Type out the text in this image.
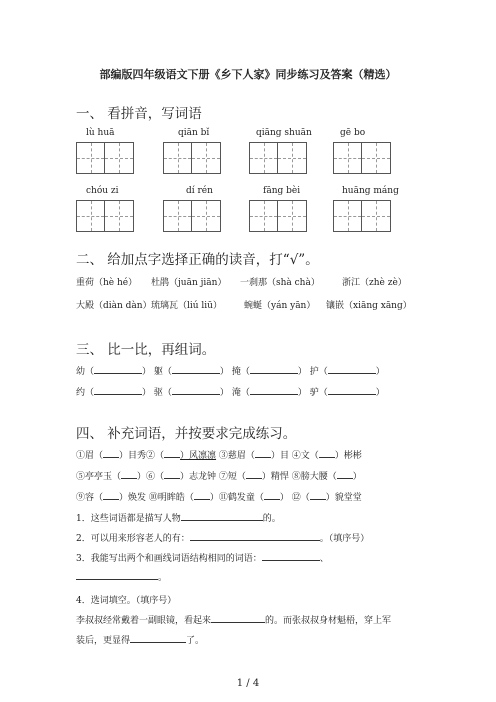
部编版四年级语文下册《乡下人家》同步练习及答案（精选）
一、 看拼音，写词语
lù huā	qiān bǐ	qiāng shuān	gē bo
chóu zi	dí rén	fāng bèi	huāng máng
二、 给加点字选择正确的读音，打“√”。
重荷（hè hé） 杜鹃（juān jiān） 一刹那（shà chà） 浙江（zhè zè）
大殿（diàn dàn） 琉璃瓦（liú liū） 蜿蜒（yán yān） 镶嵌（xiāng xāng）
三、 比一比，再组词。
幼（	） 躯（	） 掩（	） 护（	）
约（	） 驱（	） 淹（	） 驴（	）
四、 补充词语，并按要求完成练习。
①眉（ ）目秀②（ ）风凛凛 ③慈眉（ ）目 ④文（ ）彬彬
⑤亭亭玉（ ）⑥（ ）志龙钟 ⑦短（ ）精悍 ⑧膀大腰（ ）
⑨容（ ）焕发 ⑩明眸皓（ ）⑪鹤发童（ ） ⑫（ ）貌堂堂
1．这些词语都是描写人物	的。
2．可以用来形容老人的有：	。（填序号）
3．我能写出两个和画线词语结构相同的词语：	、
。
4．选词填空。（填序号）
李叔叔经常戴着一副眼镜，看起来	的。而张叔叔身材魁梧，穿上军
装后，更显得	了。
1 / 4
